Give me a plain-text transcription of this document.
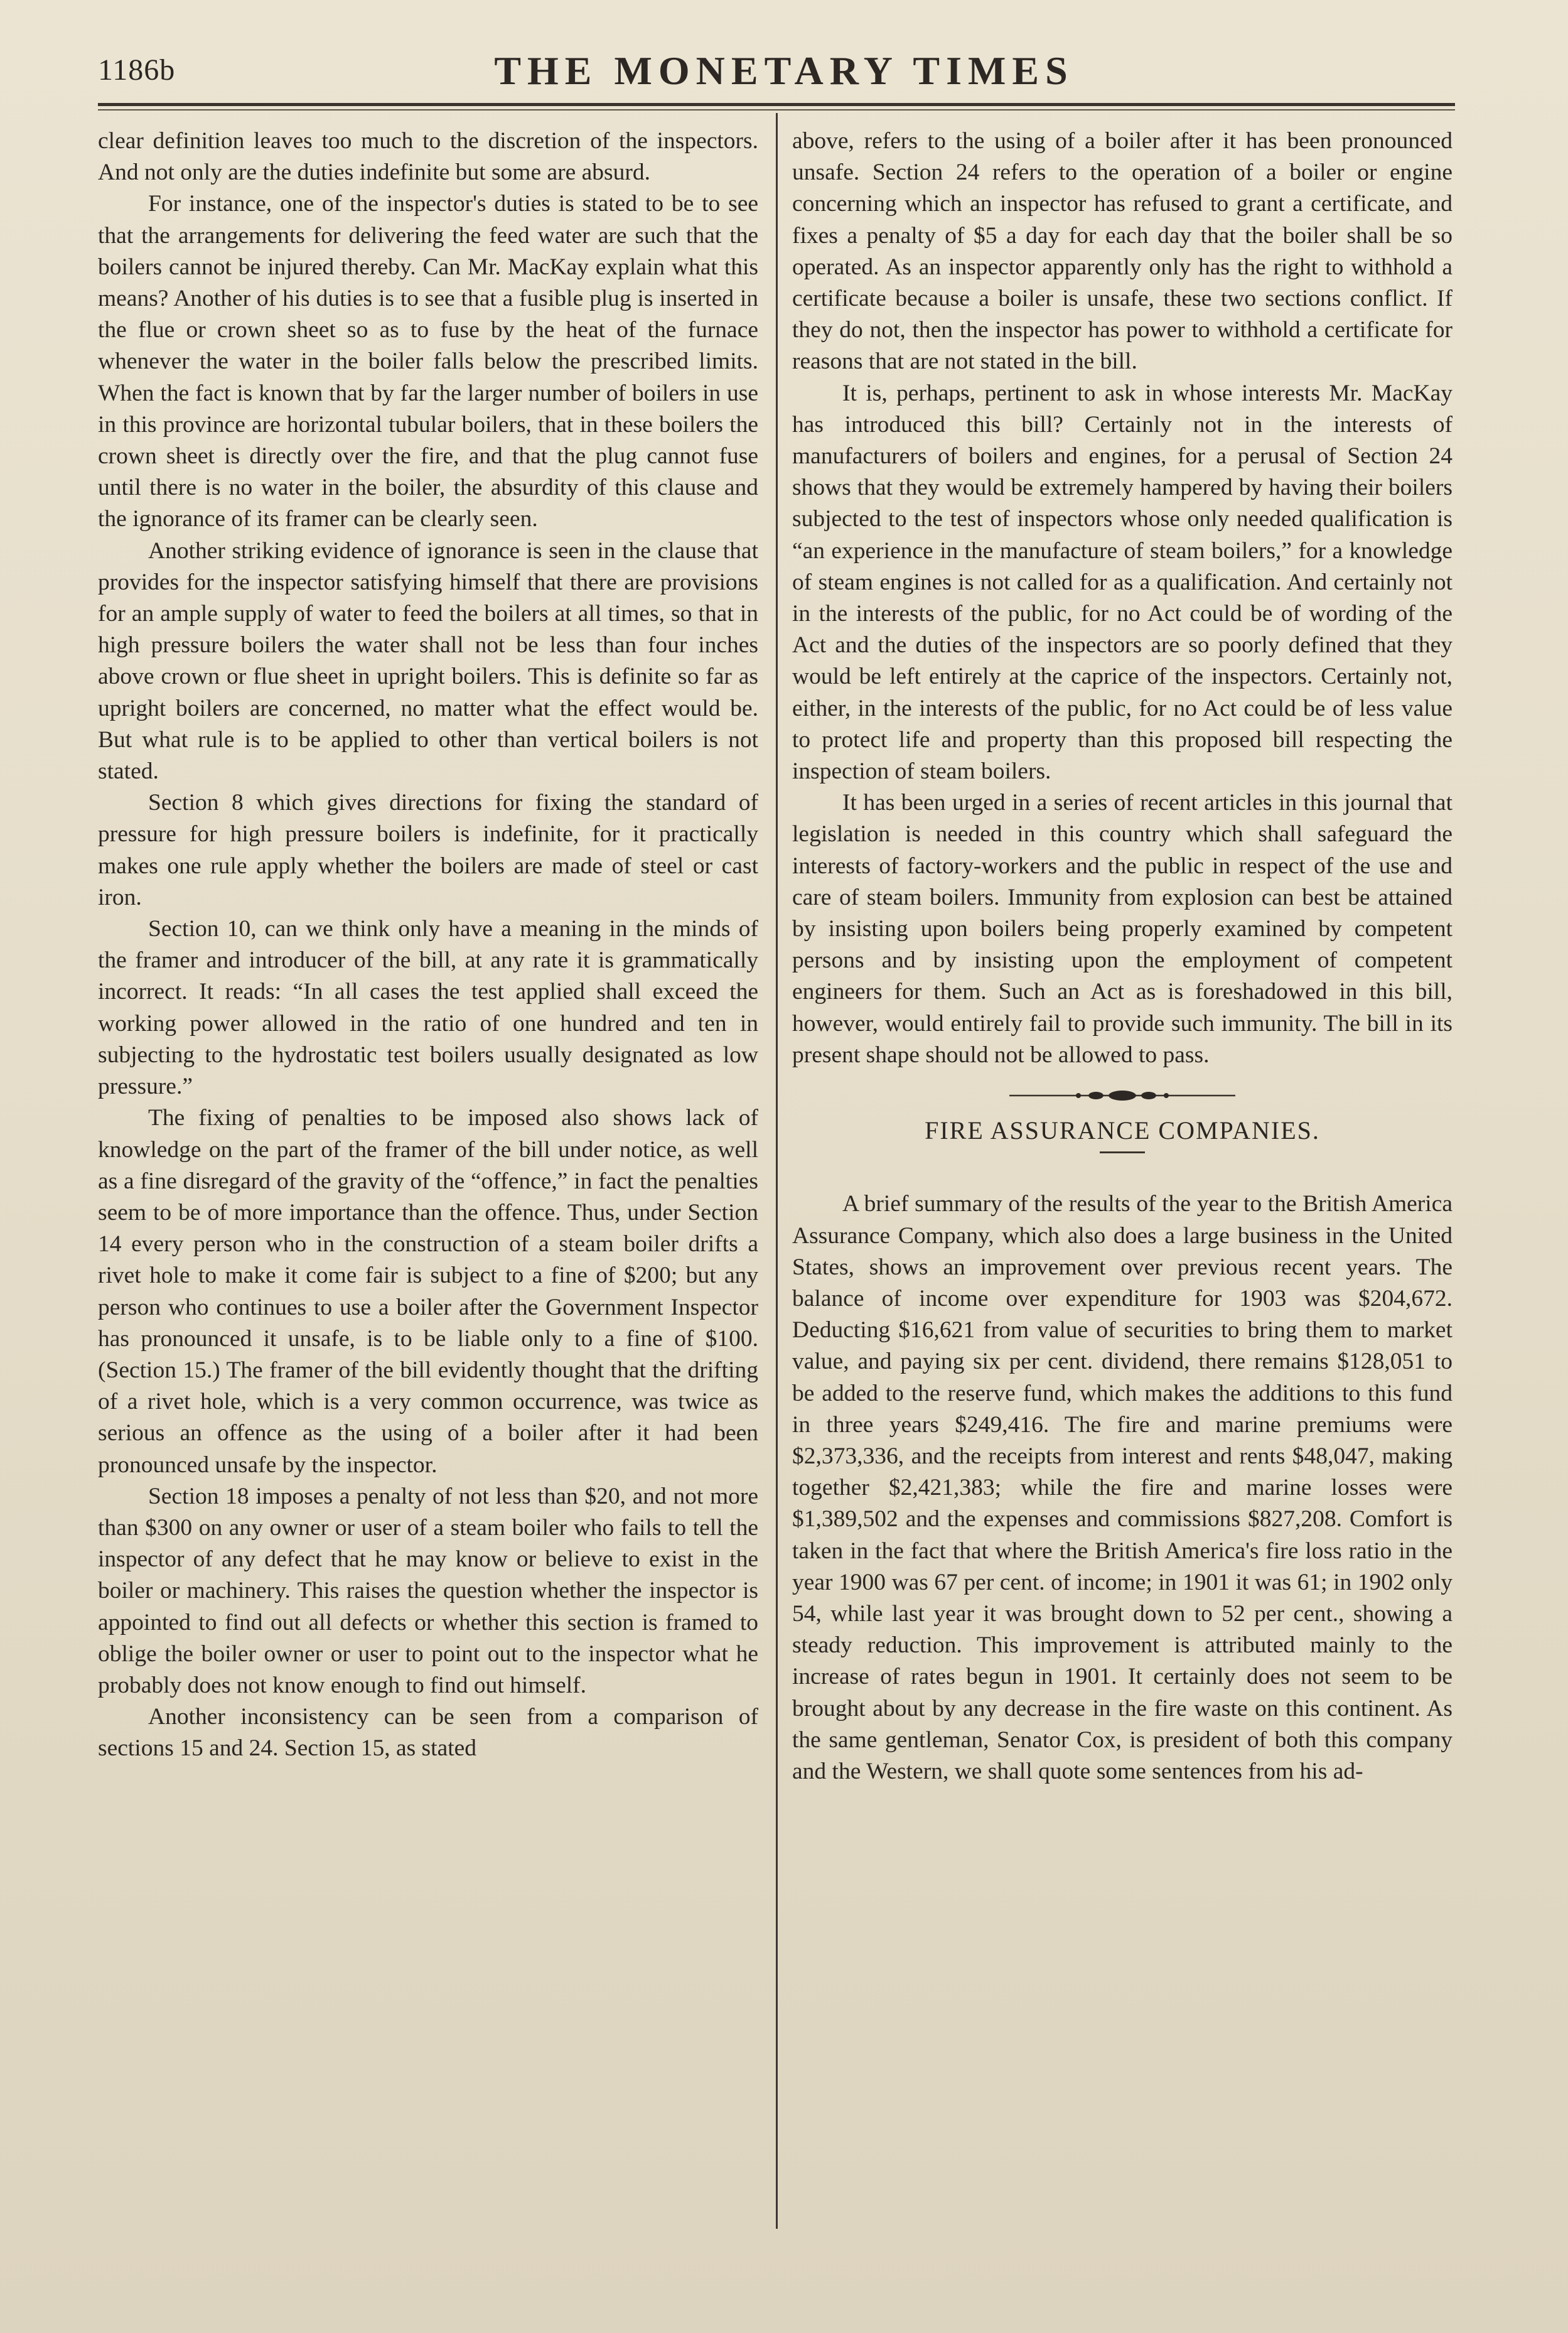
1186b	THE MONETARY TIMES

clear definition leaves too much to the discretion of the inspectors. And not only are the duties indefinite but some are absurd.

For instance, one of the inspector's duties is stated to be to see that the arrangements for delivering the feed water are such that the boilers cannot be injured thereby. Can Mr. MacKay explain what this means? Another of his duties is to see that a fusible plug is inserted in the flue or crown sheet so as to fuse by the heat of the furnace whenever the water in the boiler falls below the prescribed limits. When the fact is known that by far the larger number of boilers in use in this province are horizontal tubular boilers, that in these boilers the crown sheet is directly over the fire, and that the plug cannot fuse until there is no water in the boiler, the absurdity of this clause and the ignorance of its framer can be clearly seen.

Another striking evidence of ignorance is seen in the clause that provides for the inspector satisfying himself that there are provisions for an ample supply of water to feed the boilers at all times, so that in high pressure boilers the water shall not be less than four inches above crown or flue sheet in upright boilers. This is definite so far as upright boilers are concerned, no matter what the effect would be. But what rule is to be applied to other than vertical boilers is not stated.

Section 8 which gives directions for fixing the standard of pressure for high pressure boilers is indefinite, for it practically makes one rule apply whether the boilers are made of steel or cast iron.

Section 10, can we think only have a meaning in the minds of the framer and introducer of the bill, at any rate it is grammatically incorrect. It reads: “In all cases the test applied shall exceed the working power allowed in the ratio of one hundred and ten in subjecting to the hydrostatic test boilers usually designated as low pressure.”

The fixing of penalties to be imposed also shows lack of knowledge on the part of the framer of the bill under notice, as well as a fine disregard of the gravity of the “offence,” in fact the penalties seem to be of more importance than the offence. Thus, under Section 14 every person who in the construction of a steam boiler drifts a rivet hole to make it come fair is subject to a fine of $200; but any person who continues to use a boiler after the Government Inspector has pronounced it unsafe, is to be liable only to a fine of $100. (Section 15.) The framer of the bill evidently thought that the drifting of a rivet hole, which is a very common occurrence, was twice as serious an offence as the using of a boiler after it had been pronounced unsafe by the inspector.

Section 18 imposes a penalty of not less than $20, and not more than $300 on any owner or user of a steam boiler who fails to tell the inspector of any defect that he may know or believe to exist in the boiler or machinery. This raises the question whether the inspector is appointed to find out all defects or whether this section is framed to oblige the boiler owner or user to point out to the inspector what he probably does not know enough to find out himself.

Another inconsistency can be seen from a comparison of sections 15 and 24. Section 15, as stated

above, refers to the using of a boiler after it has been pronounced unsafe. Section 24 refers to the operation of a boiler or engine concerning which an inspector has refused to grant a certificate, and fixes a penalty of $5 a day for each day that the boiler shall be so operated. As an inspector apparently only has the right to withhold a certificate because a boiler is unsafe, these two sections conflict. If they do not, then the inspector has power to withhold a certificate for reasons that are not stated in the bill.

It is, perhaps, pertinent to ask in whose interests Mr. MacKay has introduced this bill? Certainly not in the interests of manufacturers of boilers and engines, for a perusal of Section 24 shows that they would be extremely hampered by having their boilers subjected to the test of inspectors whose only needed qualification is “an experience in the manufacture of steam boilers,” for a knowledge of steam engines is not called for as a qualification. And certainly not in the interests of the public, for no Act could be of wording of the Act and the duties of the inspectors are so poorly defined that they would be left entirely at the caprice of the inspectors. Certainly not, either, in the interests of the public, for no Act could be of less value to protect life and property than this proposed bill respecting the inspection of steam boilers.

It has been urged in a series of recent articles in this journal that legislation is needed in this country which shall safeguard the interests of factory-workers and the public in respect of the use and care of steam boilers. Immunity from explosion can best be attained by insisting upon boilers being properly examined by competent persons and by insisting upon the employment of competent engineers for them. Such an Act as is foreshadowed in this bill, however, would entirely fail to provide such immunity. The bill in its present shape should not be allowed to pass.

FIRE ASSURANCE COMPANIES.

A brief summary of the results of the year to the British America Assurance Company, which also does a large business in the United States, shows an improvement over previous recent years. The balance of income over expenditure for 1903 was $204,672. Deducting $16,621 from value of securities to bring them to market value, and paying six per cent. dividend, there remains $128,051 to be added to the reserve fund, which makes the additions to this fund in three years $249,416. The fire and marine premiums were $2,373,336, and the receipts from interest and rents $48,047, making together $2,421,383; while the fire and marine losses were $1,389,502 and the expenses and commissions $827,208. Comfort is taken in the fact that where the British America's fire loss ratio in the year 1900 was 67 per cent. of income; in 1901 it was 61; in 1902 only 54, while last year it was brought down to 52 per cent., showing a steady reduction. This improvement is attributed mainly to the increase of rates begun in 1901. It certainly does not seem to be brought about by any decrease in the fire waste on this continent. As the same gentleman, Senator Cox, is president of both this company and the Western, we shall quote some sentences from his ad-
